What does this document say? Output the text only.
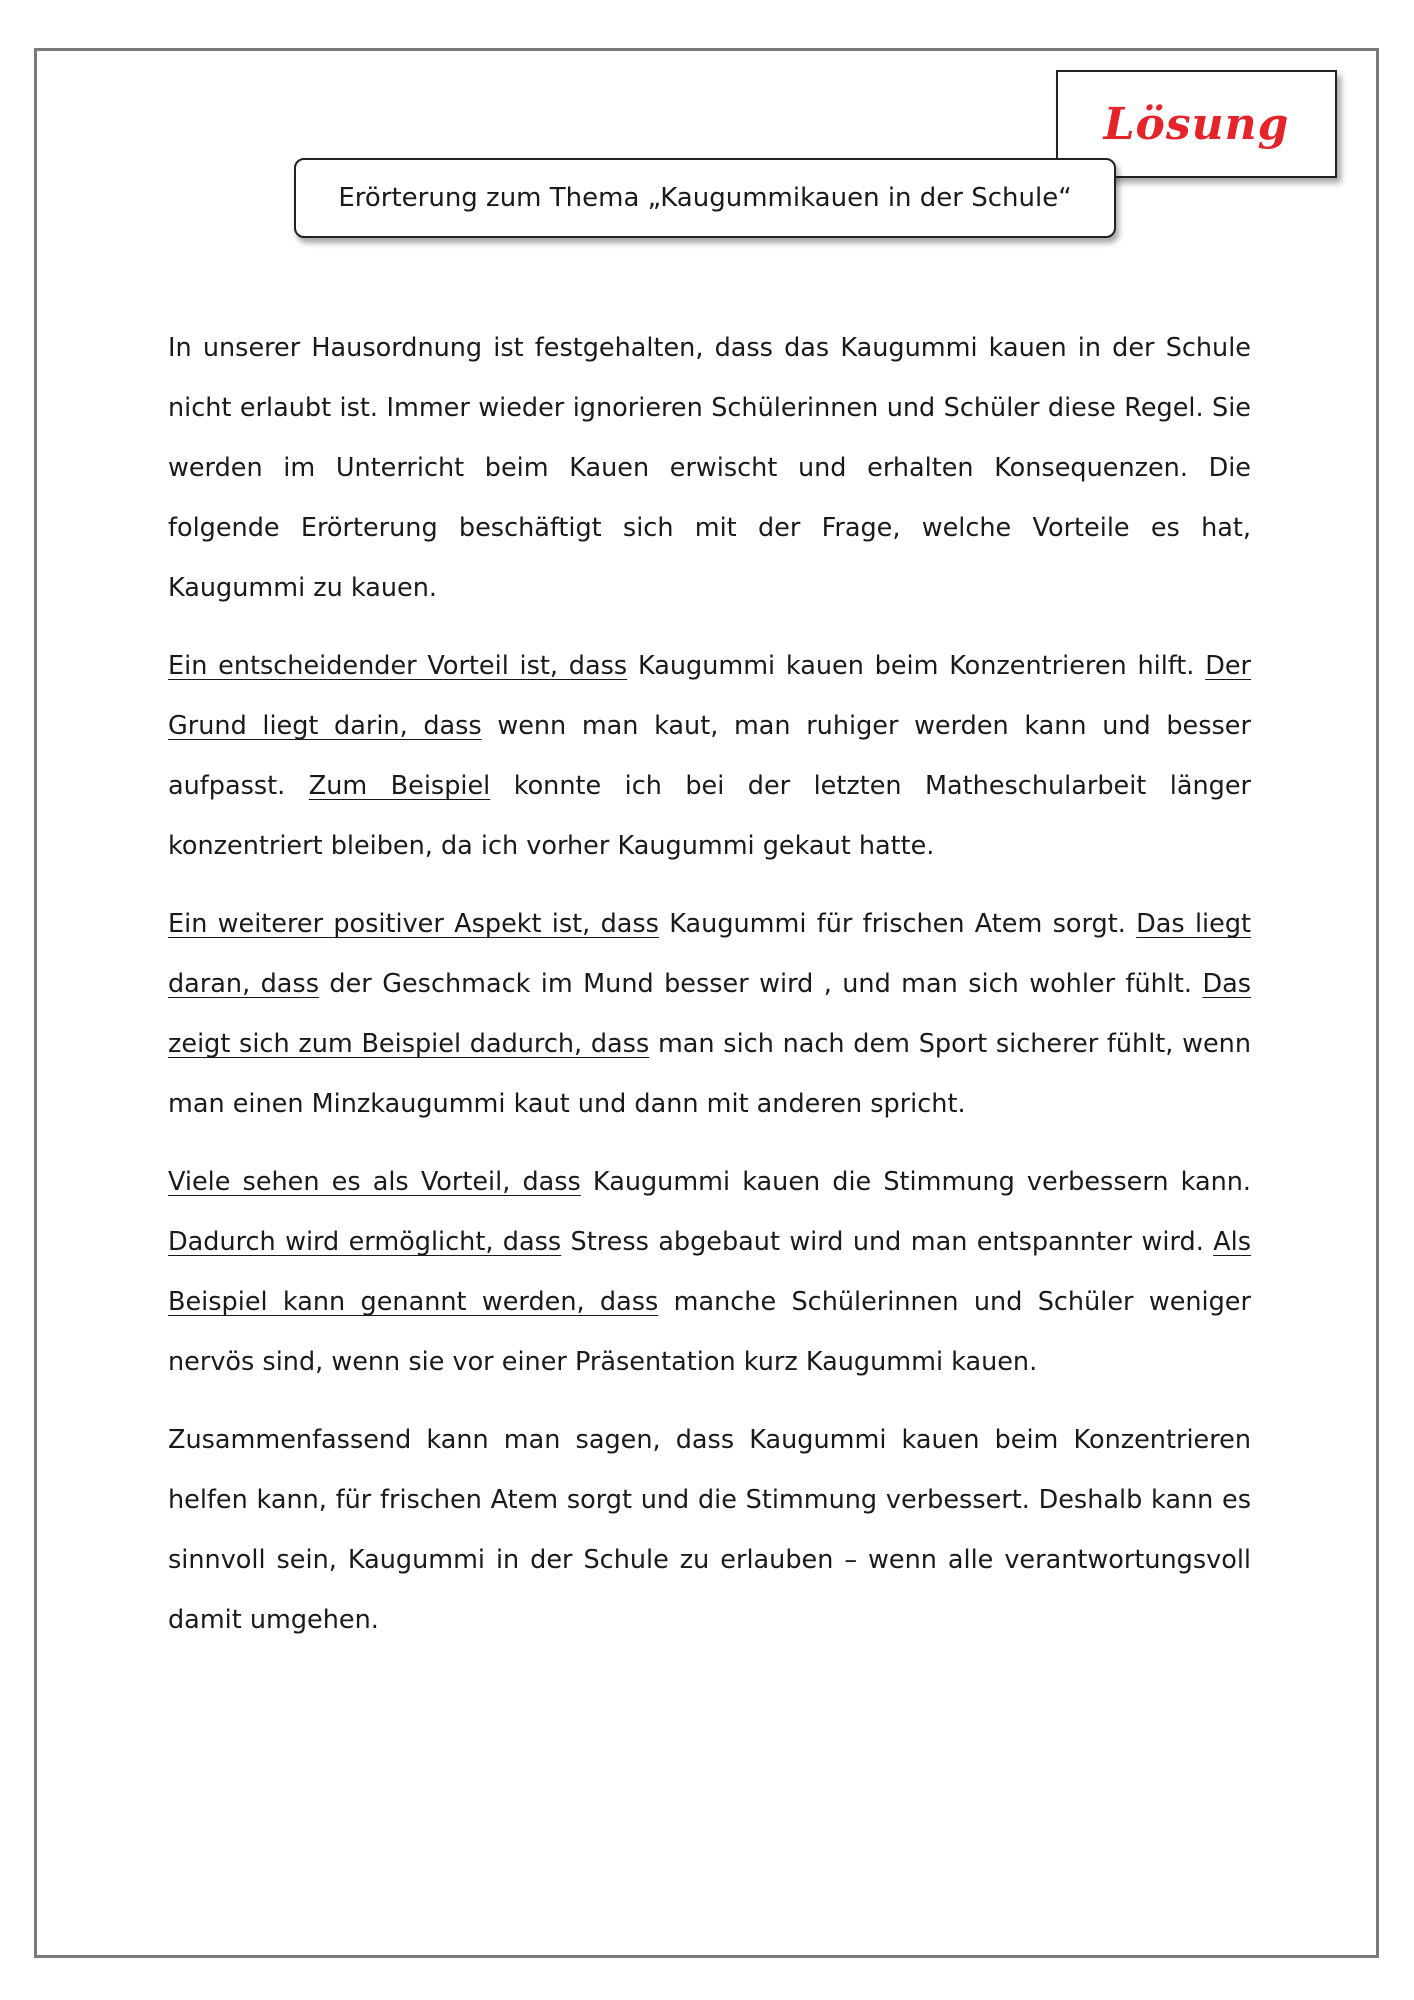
Lösung
Erörterung zum Thema „Kaugummikauen in der Schule“

In unserer Hausordnung ist festgehalten, dass das Kaugummi kauen in der Schule nicht erlaubt ist. Immer wieder ignorieren Schülerinnen und Schüler diese Regel. Sie werden im Unterricht beim Kauen erwischt und erhalten Konsequenzen. Die folgende Erörterung beschäftigt sich mit der Frage, welche Vorteile es hat, Kaugummi zu kauen.

Ein entscheidender Vorteil ist, dass Kaugummi kauen beim Konzentrieren hilft. Der Grund liegt darin, dass wenn man kaut, man ruhiger werden kann und besser aufpasst. Zum Beispiel konnte ich bei der letzten Matheschularbeit länger konzentriert bleiben, da ich vorher Kaugummi gekaut hatte.

Ein weiterer positiver Aspekt ist, dass Kaugummi für frischen Atem sorgt. Das liegt daran, dass der Geschmack im Mund besser wird , und man sich wohler fühlt. Das zeigt sich zum Beispiel dadurch, dass man sich nach dem Sport sicherer fühlt, wenn man einen Minzkaugummi kaut und dann mit anderen spricht.

Viele sehen es als Vorteil, dass Kaugummi kauen die Stimmung verbessern kann. Dadurch wird ermöglicht, dass Stress abgebaut wird und man entspannter wird. Als Beispiel kann genannt werden, dass manche Schülerinnen und Schüler weniger nervös sind, wenn sie vor einer Präsentation kurz Kaugummi kauen.

Zusammenfassend kann man sagen, dass Kaugummi kauen beim Konzentrieren helfen kann, für frischen Atem sorgt und die Stimmung verbessert. Deshalb kann es sinnvoll sein, Kaugummi in der Schule zu erlauben – wenn alle verantwortungsvoll damit umgehen.
